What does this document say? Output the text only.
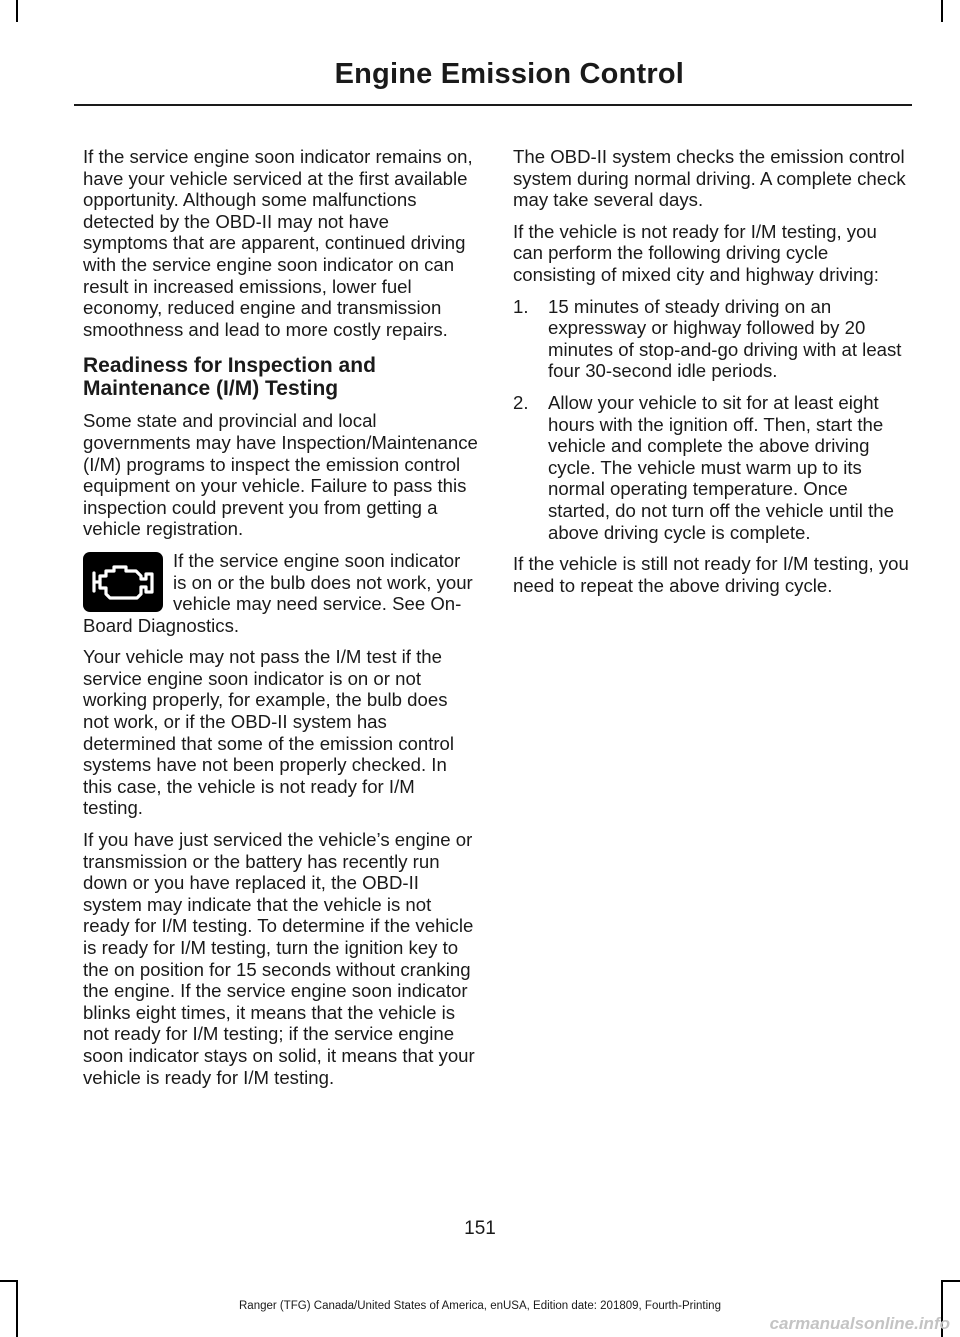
Engine Emission Control

If the service engine soon indicator remains on, have your vehicle serviced at the first available opportunity. Although some malfunctions detected by the OBD-II may not have symptoms that are apparent, continued driving with the service engine soon indicator on can result in increased emissions, lower fuel economy, reduced engine and transmission smoothness and lead to more costly repairs.

Readiness for Inspection and Maintenance (I/M) Testing

Some state and provincial and local governments may have Inspection/Maintenance (I/M) programs to inspect the emission control equipment on your vehicle. Failure to pass this inspection could prevent you from getting a vehicle registration.

If the service engine soon indicator is on or the bulb does not work, your vehicle may need service. See On-Board Diagnostics.

Your vehicle may not pass the I/M test if the service engine soon indicator is on or not working properly, for example, the bulb does not work, or if the OBD-II system has determined that some of the emission control systems have not been properly checked. In this case, the vehicle is not ready for I/M testing.

If you have just serviced the vehicle’s engine or transmission or the battery has recently run down or you have replaced it, the OBD-II system may indicate that the vehicle is not ready for I/M testing. To determine if the vehicle is ready for I/M testing, turn the ignition key to the on position for 15 seconds without cranking the engine. If the service engine soon indicator blinks eight times, it means that the vehicle is not ready for I/M testing; if the service engine soon indicator stays on solid, it means that your vehicle is ready for I/M testing.

The OBD-II system checks the emission control system during normal driving. A complete check may take several days.

If the vehicle is not ready for I/M testing, you can perform the following driving cycle consisting of mixed city and highway driving:

1. 15 minutes of steady driving on an expressway or highway followed by 20 minutes of stop-and-go driving with at least four 30-second idle periods.
2. Allow your vehicle to sit for at least eight hours with the ignition off. Then, start the vehicle and complete the above driving cycle. The vehicle must warm up to its normal operating temperature. Once started, do not turn off the vehicle until the above driving cycle is complete.

If the vehicle is still not ready for I/M testing, you need to repeat the above driving cycle.

151
Ranger (TFG) Canada/United States of America, enUSA, Edition date: 201809, Fourth-Printing
carmanualsonline.info
